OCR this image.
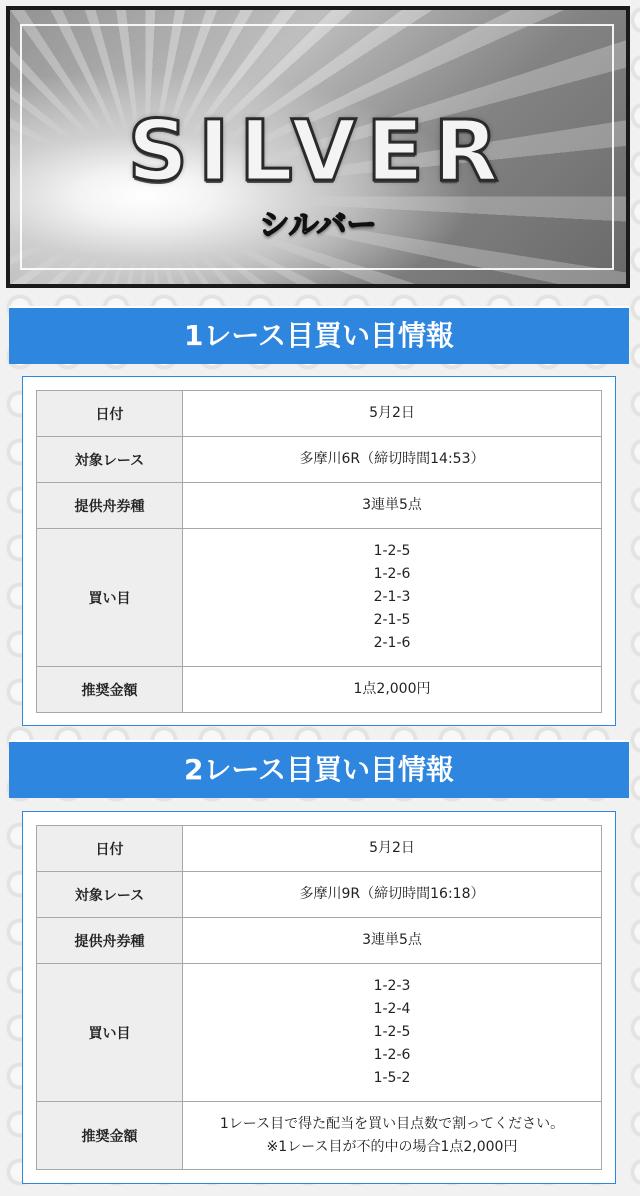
SILVER
シルバー
1レース目買い目情報
日付	5月2日
対象レース	多摩川6R（締切時間14:53）
提供舟券種	3連単5点
買い目	1-2-5
1-2-6
2-1-3
2-1-5
2-1-6

推奨金額	1点2,000円
2レース目買い目情報
日付	5月2日
対象レース	多摩川9R（締切時間16:18）
提供舟券種	3連単5点
買い目	1-2-3
1-2-4
1-2-5
1-2-6
1-5-2

推奨金額	1レース目で得た配当を買い目点数で割ってください。
※1レース目が不的中の場合1点2,000円
